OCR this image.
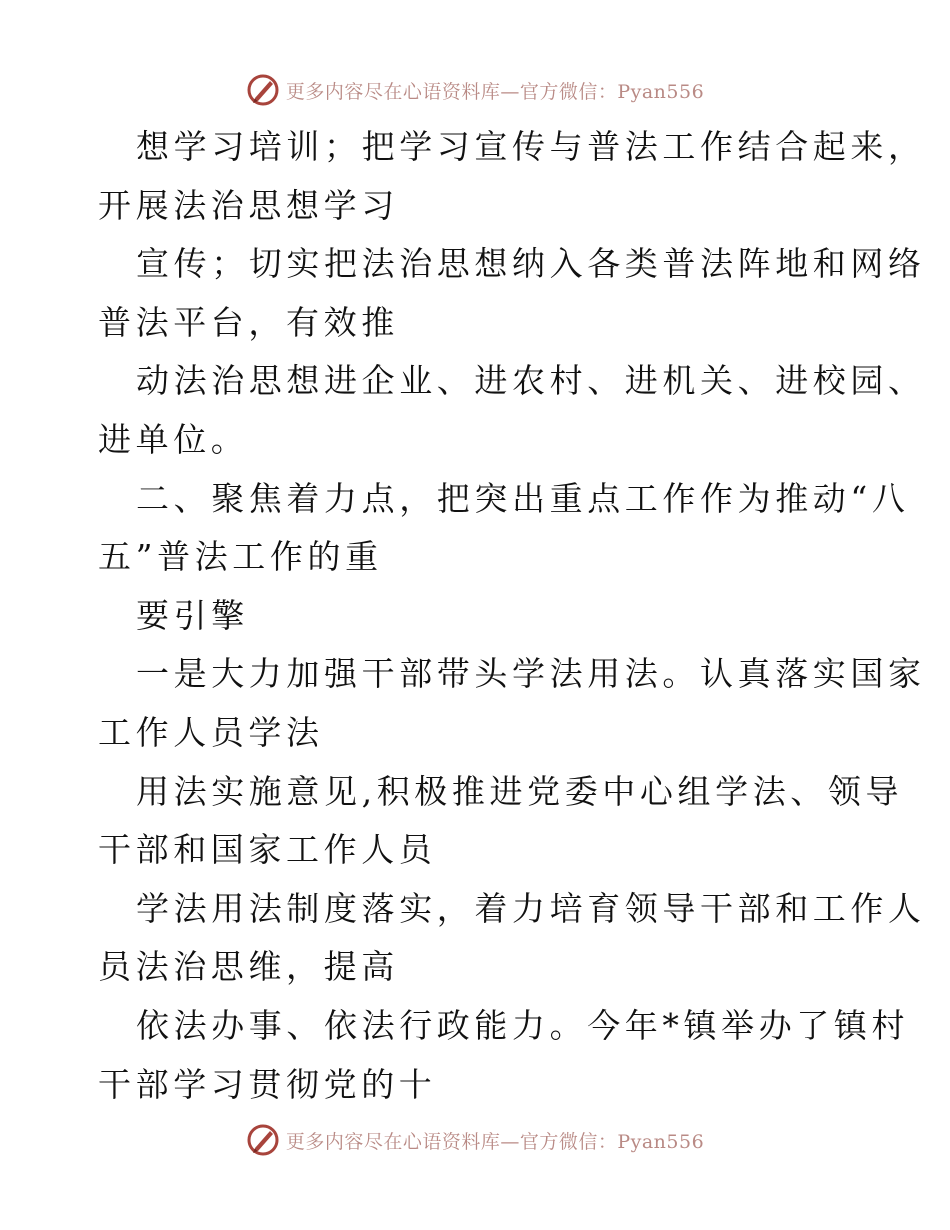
更多内容尽在心语资料库—官方微信：Pyan556
想学习培训；把学习宣传与普法工作结合起来，
开展法治思想学习
宣传；切实把法治思想纳入各类普法阵地和网络
普法平台，有效推
动法治思想进企业、进农村、进机关、进校园、
进单位。
二、聚焦着力点，把突出重点工作作为推动“八
五”普法工作的重
要引擎
一是大力加强干部带头学法用法。认真落实国家
工作人员学法
用法实施意见,积极推进党委中心组学法、领导
干部和国家工作人员
学法用法制度落实，着力培育领导干部和工作人
员法治思维，提高
依法办事、依法行政能力。今年*镇举办了镇村
干部学习贯彻党的十
更多内容尽在心语资料库—官方微信：Pyan556
